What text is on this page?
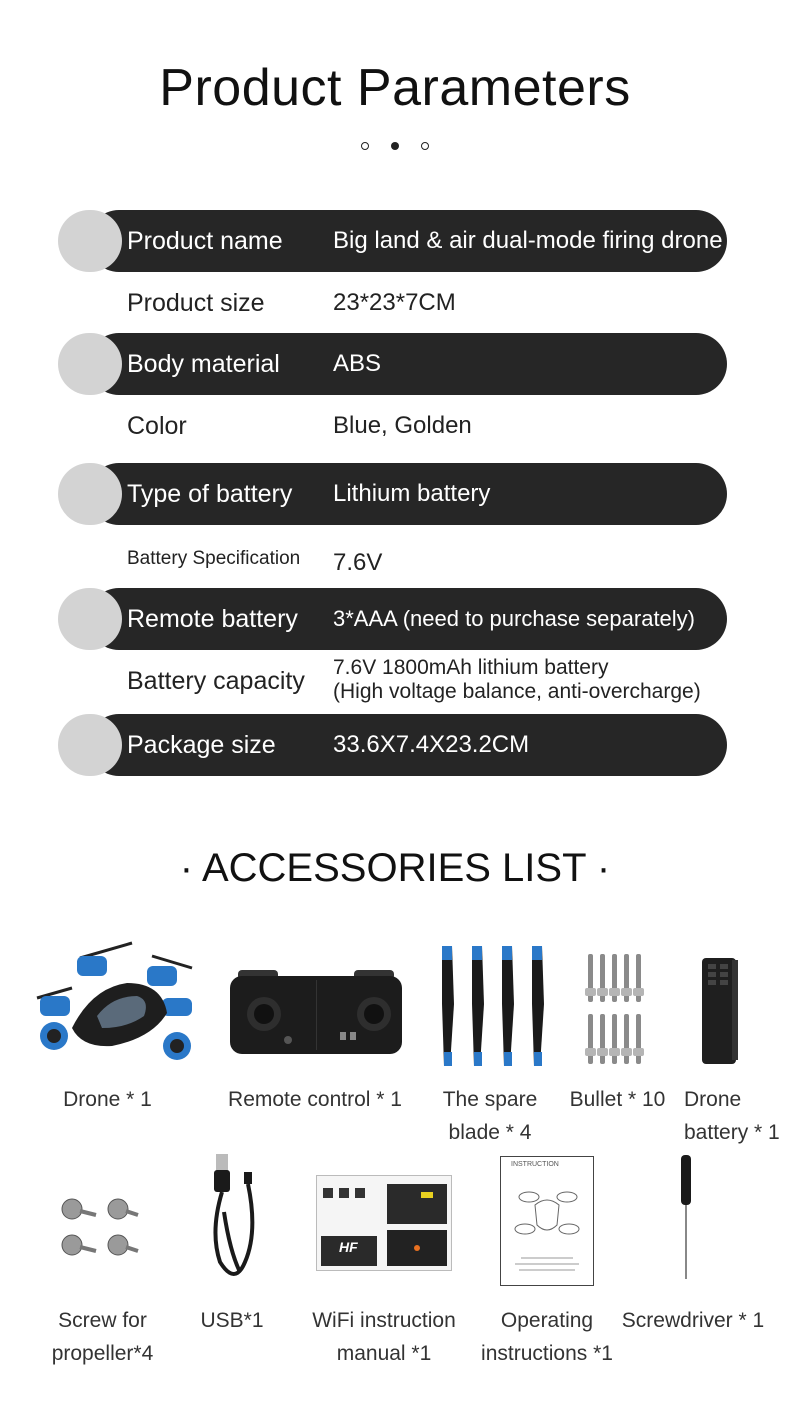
Product Parameters
Product name Big land & air dual-mode firing drone
Product size	23*23*7CM
Body material ABS
Color	Blue, Golden
Type of battery Lithium battery
Battery Specification 7.6V
Remote battery 3*AAA (need to purchase separately)
Battery capacity 7.6V 1800mAh lithium battery
(High voltage balance, anti-overcharge)
Package size 33.6X7.4X23.2CM
· ACCESSORIES LIST ·
Drone * 1	Remote control * 1	The spare
blade * 4
Bullet * 10 Drone
battery * 1
HF
INSTRUCTION
Screw for
propeller*4
USB*1	WiFi instruction
manual *1
Operating
instructions *1
Screwdriver * 1
